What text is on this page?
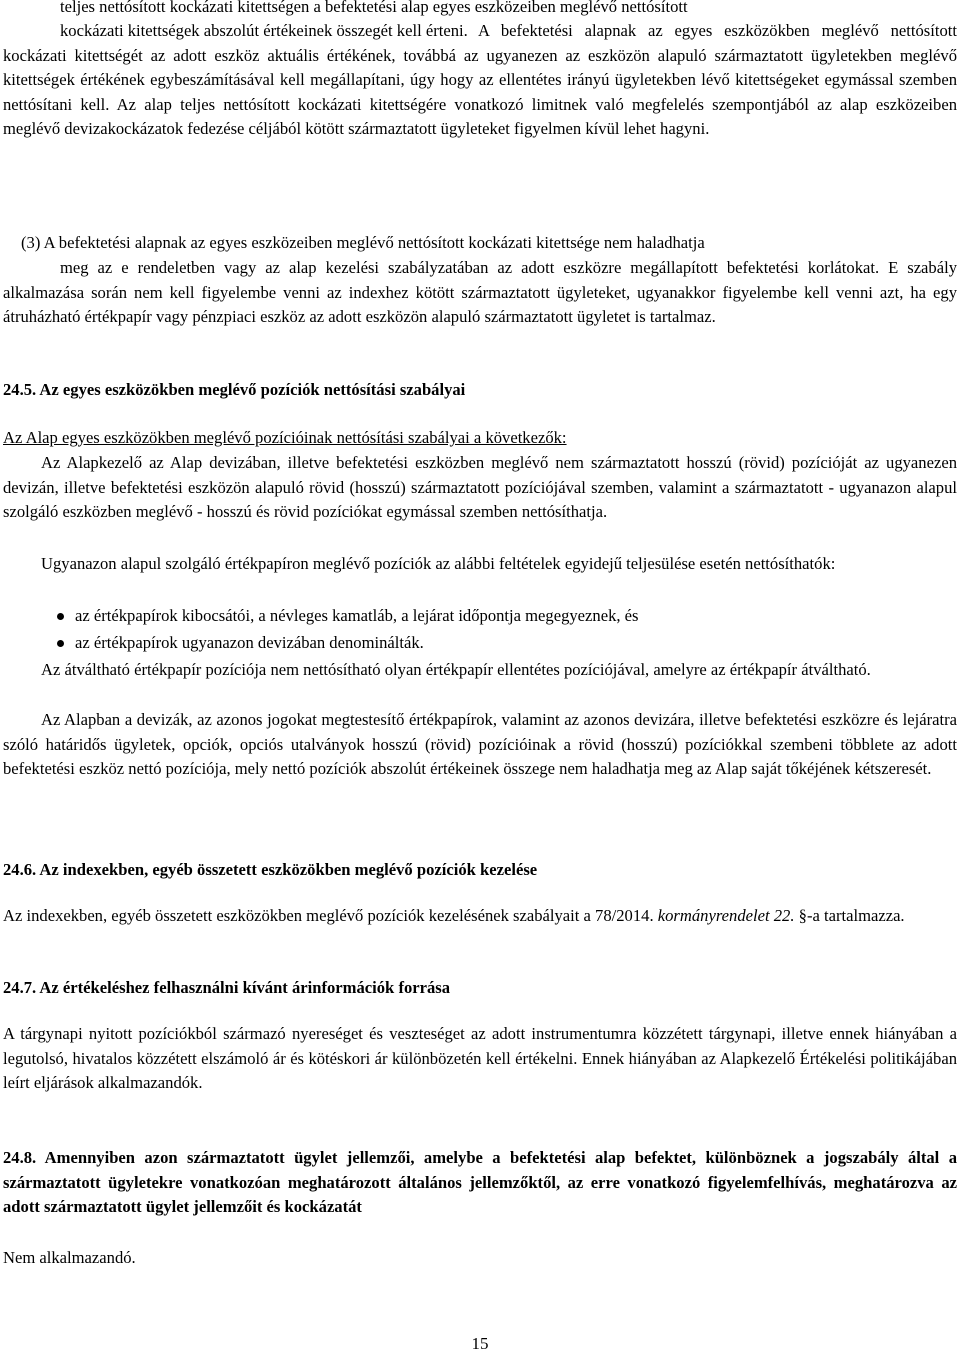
teljes nettósított kockázati kitettségen a befektetési alap egyes eszközeiben meglévő nettósított

kockázati kitettségek abszolút értékeinek összegét kell érteni. A befektetési alapnak az egyes eszközökben meglévő nettósított kockázati kitettségét az adott eszköz aktuális értékének, továbbá az ugyanezen az eszközön alapuló származtatott ügyletekben meglévő kitettségek értékének egybeszámításával kell megállapítani, úgy hogy az ellentétes irányú ügyletekben lévő kitettségeket egymással szemben nettósítani kell. Az alap teljes nettósított kockázati kitettségére vonatkozó limitnek való megfelelés szempontjából az alap eszközeiben meglévő devizakockázatok fedezése céljából kötött származtatott ügyleteket figyelmen kívül lehet hagyni.

(3) A befektetési alapnak az egyes eszközeiben meglévő nettósított kockázati kitettsége nem haladhatja

meg az e rendeletben vagy az alap kezelési szabályzatában az adott eszközre megállapított befektetési korlátokat. E szabály alkalmazása során nem kell figyelembe venni az indexhez kötött származtatott ügyleteket, ugyanakkor figyelembe kell venni azt, ha egy átruházható értékpapír vagy pénzpiaci eszköz az adott eszközön alapuló származtatott ügyletet is tartalmaz.

24.5. Az egyes eszközökben meglévő pozíciók nettósítási szabályai

Az Alap egyes eszközökben meglévő pozícióinak nettósítási szabályai a következők:

Az Alapkezelő az Alap devizában, illetve befektetési eszközben meglévő nem származtatott hosszú (rövid) pozícióját az ugyanezen devizán, illetve befektetési eszközön alapuló rövid (hosszú) származtatott pozíciójával szemben, valamint a származtatott - ugyanazon alapul szolgáló eszközben meglévő - hosszú és rövid pozíciókat egymással szemben nettósíthatja.

Ugyanazon alapul szolgáló értékpapíron meglévő pozíciók az alábbi feltételek egyidejű teljesülése esetén nettósíthatók:

az értékpapírok kibocsátói, a névleges kamatláb, a lejárat időpontja megegyeznek, és
az értékpapírok ugyanazon devizában denominálták.

Az átváltható értékpapír pozíciója nem nettósítható olyan értékpapír ellentétes pozíciójával, amelyre az értékpapír átváltható.

Az Alapban a devizák, az azonos jogokat megtestesítő értékpapírok, valamint az azonos devizára, illetve befektetési eszközre és lejáratra szóló határidős ügyletek, opciók, opciós utalványok hosszú (rövid) pozícióinak a rövid (hosszú) pozíciókkal szembeni többlete az adott befektetési eszköz nettó pozíciója, mely nettó pozíciók abszolút értékeinek összege nem haladhatja meg az Alap saját tőkéjének kétszeresét.

24.6. Az indexekben, egyéb összetett eszközökben meglévő pozíciók kezelése

Az indexekben, egyéb összetett eszközökben meglévő pozíciók kezelésének szabályait a 78/2014. kormányrendelet 22. §-a tartalmazza.

24.7. Az értékeléshez felhasználni kívánt árinformációk forrása

A tárgynapi nyitott pozíciókból származó nyereséget és veszteséget az adott instrumentumra közzétett tárgynapi, illetve ennek hiányában a legutolsó, hivatalos közzétett elszámoló ár és kötéskori ár különbözetén kell értékelni. Ennek hiányában az Alapkezelő Értékelési politikájában leírt eljárások alkalmazandók.

24.8. Amennyiben azon származtatott ügylet jellemzői, amelybe a befektetési alap befektet, különböznek a jogszabály által a származtatott ügyletekre vonatkozóan meghatározott általános jellemzőktől, az erre vonatkozó figyelemfelhívás, meghatározva az adott származtatott ügylet jellemzőit és kockázatát

Nem alkalmazandó.

15
